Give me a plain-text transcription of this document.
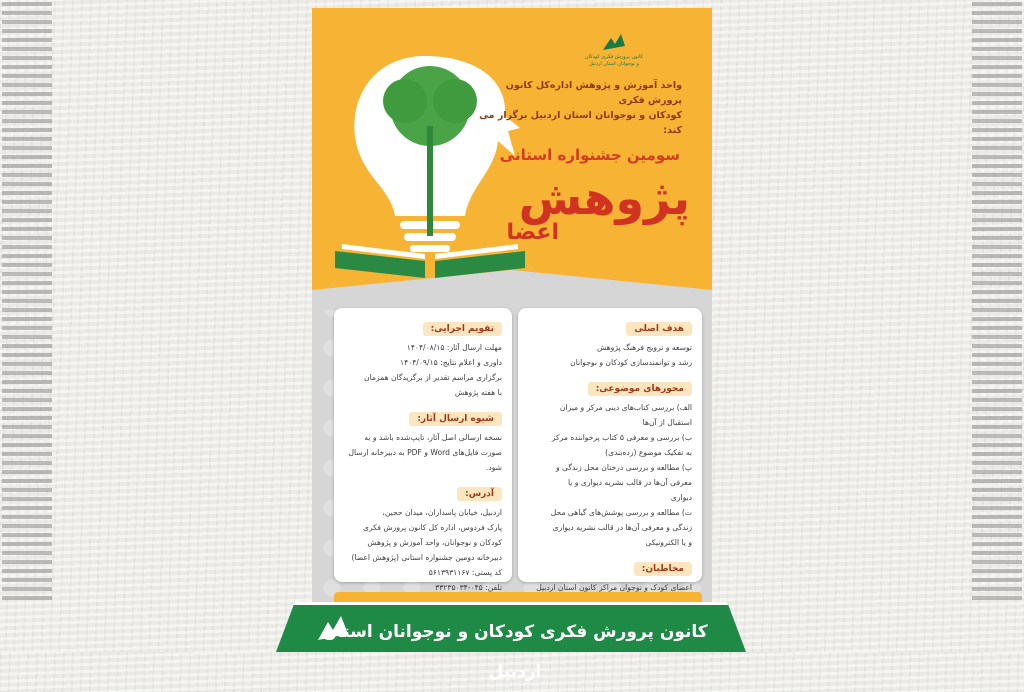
کانون پرورش فکری کودکان و نوجوانان استان اردبیل
واحد آموزش و پژوهش اداره‌کل کانون پرورش فکری
کودکان و نوجوانان استان اردبیل برگزار می کند:
سومین جشنواره استانی
پژوهش
اعضا
هدف اصلی
توسعه و ترویج فرهنگ پژوهش
رشد و توانمندسازی کودکان و نوجوانان
محورهای موضوعی:
الف) بررسی کتاب‌های دینی مرکز و میزان
استقبال از آن‌ها
ب) بررسی و معرفی ۵ کتاب پرخواننده مرکز
به تفکیک موضوع (رده‌بندی)
پ) مطالعه و بررسی درختان محل زندگی و
معرفی آن‌ها در قالب نشریه دیواری و یا
دیواری
ت) مطالعه و بررسی پوشش‌های گیاهی محل
زندگی و معرفی آن‌ها در قالب نشریه دیواری
و یا الکترونیکی
مخاطبان:
اعضای کودک و نوجوان مراکز کانون استان اردبیل
تقویم اجرایی:
مهلت ارسال آثار: ۱۴۰۴/۰۸/۱۵
داوری و اعلام نتایج: ۱۴۰۴/۰۹/۱۵
برگزاری مراسم تقدیر از برگزیدگان همزمان
با هفته پژوهش
شیوه ارسال آثار:
نسخه ارسالی اصل آثار، تایپ‌شده باشد و به
صورت فایل‌های Word و PDF به دبیرخانه ارسال
شود.
آدرس:
اردبیل، خیابان پاسداران، میدان حجین،
پارک فردوس، اداره کل کانون پرورش فکری
کودکان و نوجوانان، واحد آموزش و پژوهش
دبیرخانه دومین جشنواره استانی (پژوهش اعضا)
کد پستی: ۵۶۱۳۹۳۱۱۶۷
تلفن: ۰۴۵-۳۳۲۳۵۰۳۴
کانون پرورش فکری کودکان و نوجوانان استان اردبیل
